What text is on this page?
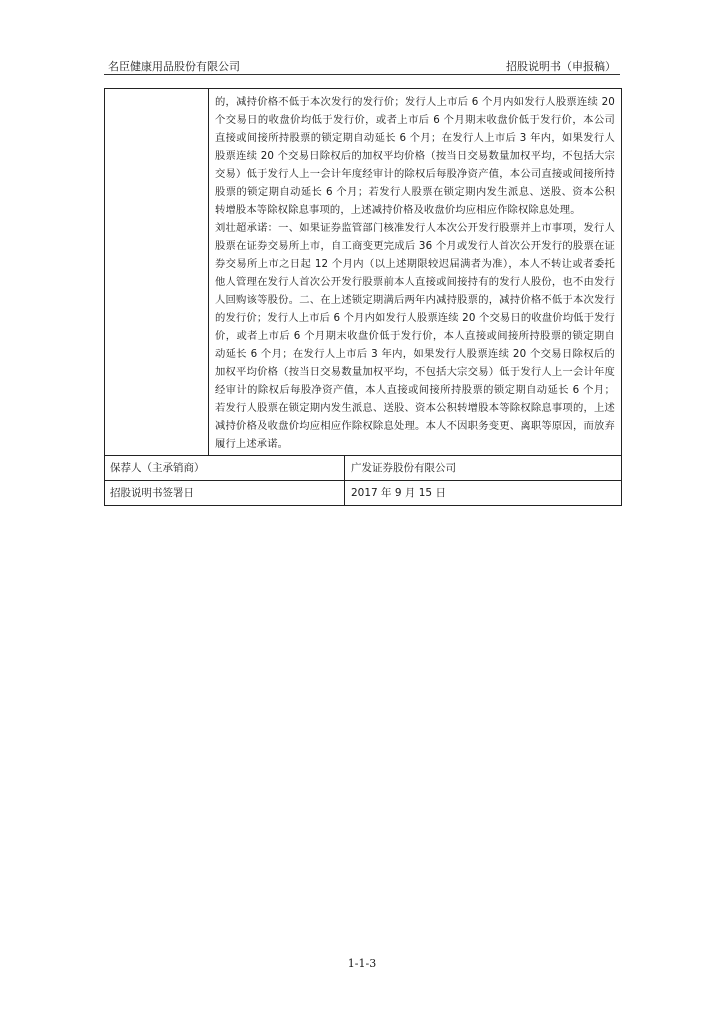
名臣健康用品股份有限公司	招股说明书（申报稿）

的，减持价格不低于本次发行的发行价；发行人上市后 6 个月内如发行人股票连续 20 个交易日的收盘价均低于发行价，或者上市后 6 个月期末收盘价低于发行价，本公司直接或间接所持股票的锁定期自动延长 6 个月；在发行人上市后 3 年内，如果发行人股票连续 20 个交易日除权后的加权平均价格（按当日交易数量加权平均，不包括大宗交易）低于发行人上一会计年度经审计的除权后每股净资产值，本公司直接或间接所持股票的锁定期自动延长 6 个月；若发行人股票在锁定期内发生派息、送股、资本公积转增股本等除权除息事项的，上述减持价格及收盘价均应相应作除权除息处理。

刘壮超承诺：一、如果证券监管部门核准发行人本次公开发行股票并上市事项，发行人股票在证券交易所上市，自工商变更完成后 36 个月或发行人首次公开发行的股票在证券交易所上市之日起 12 个月内（以上述期限较迟届满者为准），本人不转让或者委托他人管理在发行人首次公开发行股票前本人直接或间接持有的发行人股份，也不由发行人回购该等股份。二、在上述锁定期满后两年内减持股票的，减持价格不低于本次发行的发行价；发行人上市后 6 个月内如发行人股票连续 20 个交易日的收盘价均低于发行价，或者上市后 6 个月期末收盘价低于发行价，本人直接或间接所持股票的锁定期自动延长 6 个月；在发行人上市后 3 年内，如果发行人股票连续 20 个交易日除权后的加权平均价格（按当日交易数量加权平均，不包括大宗交易）低于发行人上一会计年度经审计的除权后每股净资产值，本人直接或间接所持股票的锁定期自动延长 6 个月；若发行人股票在锁定期内发生派息、送股、资本公积转增股本等除权除息事项的，上述减持价格及收盘价均应相应作除权除息处理。本人不因职务变更、离职等原因，而放弃履行上述承诺。

保荐人（主承销商）	广发证券股份有限公司
招股说明书签署日	2017 年 9 月 15 日
1-1-3
